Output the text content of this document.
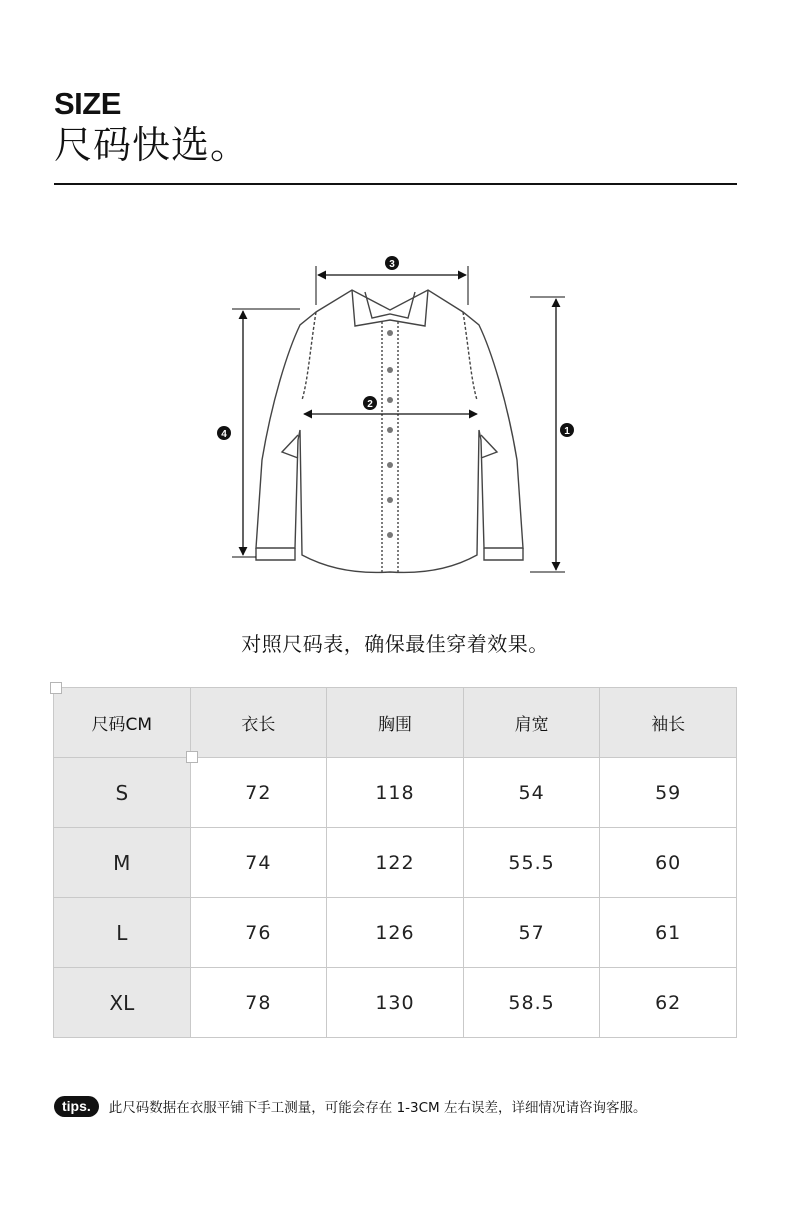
SIZE
尺码快选。
3
2
4	1
对照尺码表，确保最佳穿着效果。
尺码CM	衣长	胸围	肩宽	袖长
S	72	118	54	59
M	74	122	55.5	60
L	76	126	57	61
XL	78	130	58.5	62
tips.	此尺码数据在衣服平铺下手工测量，可能会存在 1-3CM 左右误差，详细情况请咨询客服。
